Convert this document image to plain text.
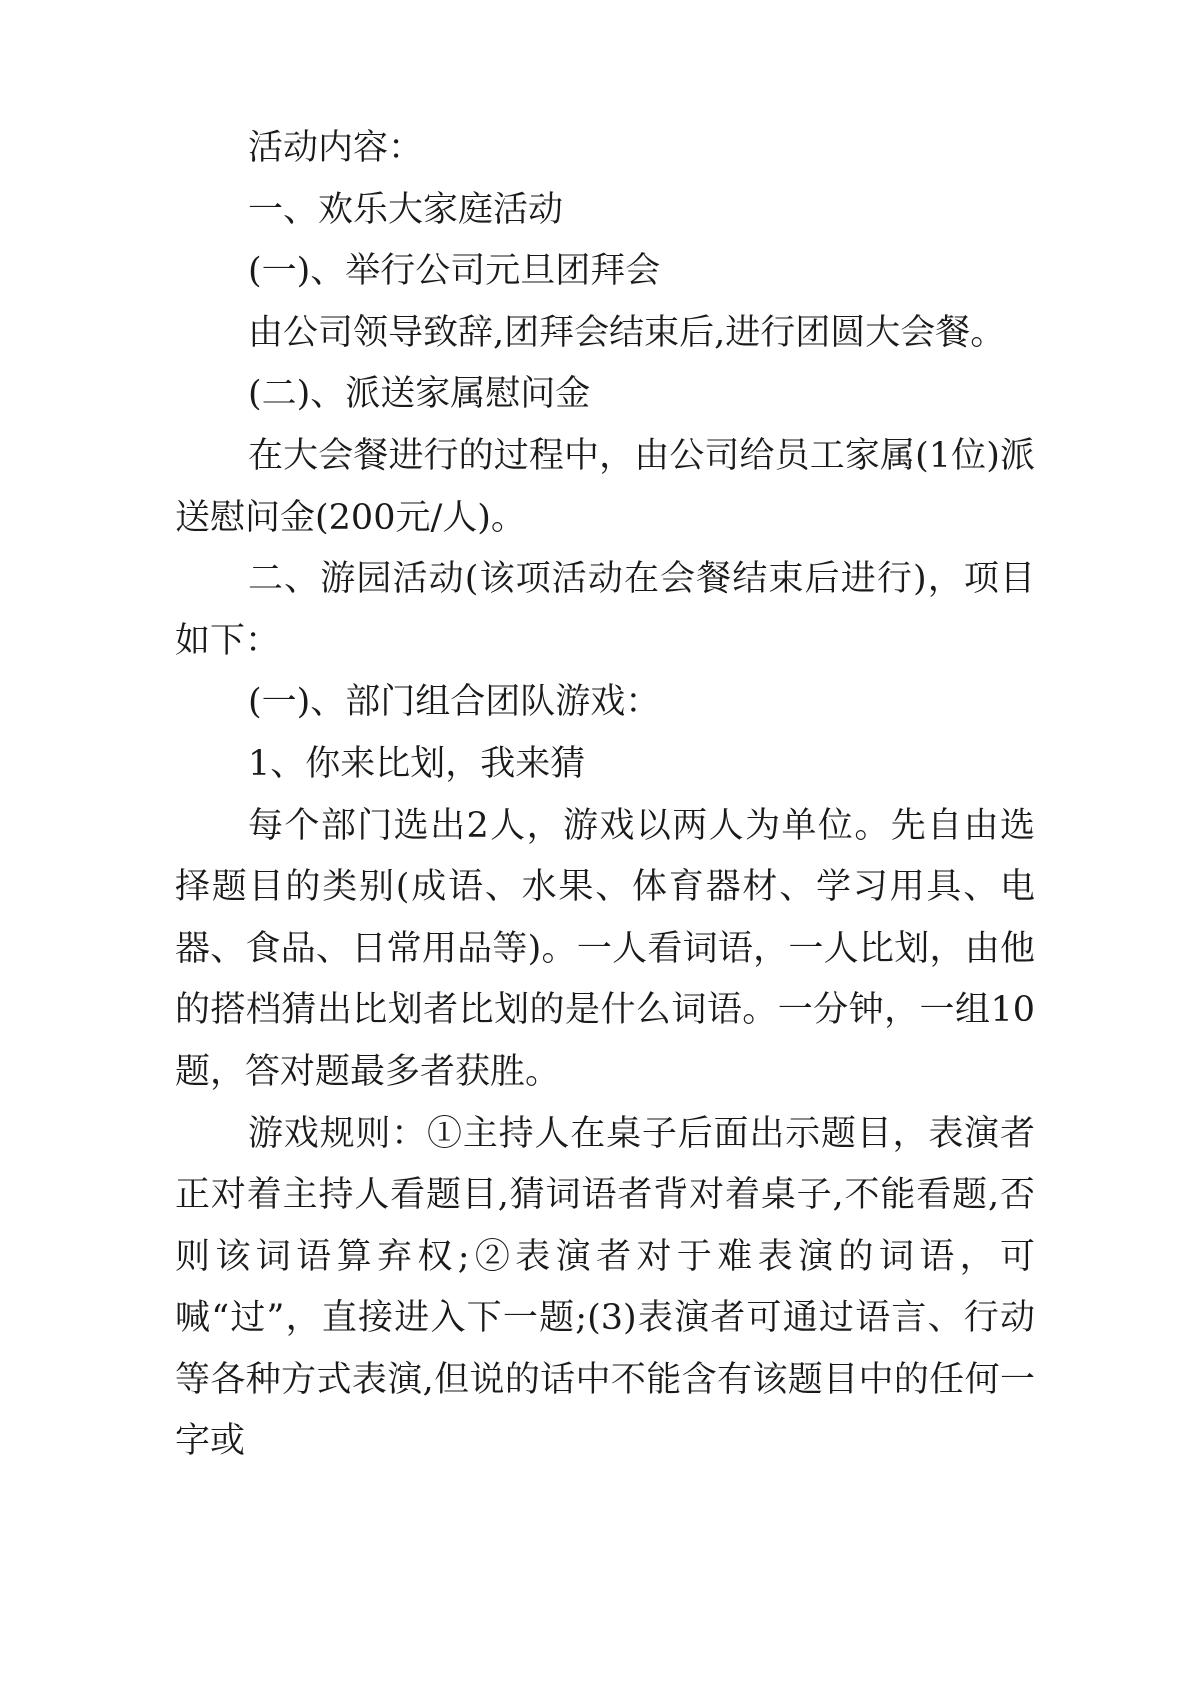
活动内容：

一、欢乐大家庭活动

(一)、举行公司元旦团拜会

由公司领导致辞,团拜会结束后,进行团圆大会餐。

(二)、派送家属慰问金

在大会餐进行的过程中，由公司给员工家属(1位)派送慰问金(200元/人)。

二、游园活动(该项活动在会餐结束后进行)，项目如下：

(一)、部门组合团队游戏：

1、你来比划，我来猜

每个部门选出2人，游戏以两人为单位。先自由选择题目的类别(成语、水果、体育器材、学习用具、电器、食品、日常用品等)。一人看词语，一人比划，由他的搭档猜出比划者比划的是什么词语。一分钟，一组10题，答对题最多者获胜。

游戏规则：①主持人在桌子后面出示题目，表演者正对着主持人看题目,猜词语者背对着桌子,不能看题,否则该词语算弃权;②表演者对于难表演的词语，可喊“过”，直接进入下一题;(3)表演者可通过语言、行动等各种方式表演,但说的话中不能含有该题目中的任何一字或
